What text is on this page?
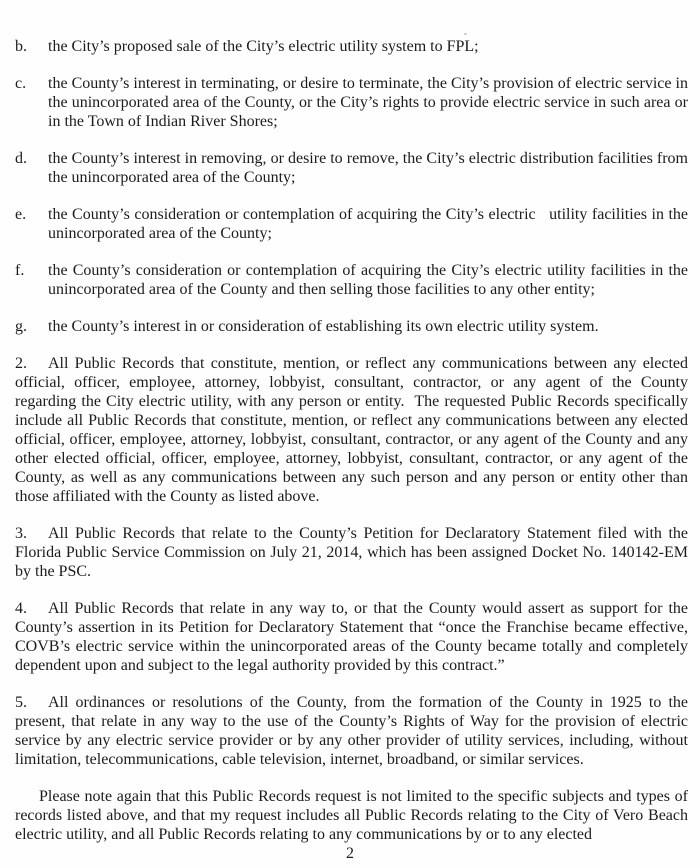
b.	the City’s proposed sale of the City’s electric utility system to FPL;
c.	the County’s interest in terminating, or desire to terminate, the City’s provision of electric service in the unincorporated area of the County, or the City’s rights to provide electric service in such area or in the Town of Indian River Shores;
d.	the County’s interest in removing, or desire to remove, the City’s electric distribution facilities from the unincorporated area of the County;
e.	the County’s consideration or contemplation of acquiring the City’s electric   utility facilities in the unincorporated area of the County;
f.	the County’s consideration or contemplation of acquiring the City’s electric utility facilities in the unincorporated area of the County and then selling those facilities to any other entity;
g.	the County’s interest in or consideration of establishing its own electric utility system.

2. All Public Records that constitute, mention, or reflect any communications between any elected official, officer, employee, attorney, lobbyist, consultant, contractor, or any agent of the County regarding the City electric utility, with any person or entity.  The requested Public Records specifically include all Public Records that constitute, mention, or reflect any communications between any elected official, officer, employee, attorney, lobbyist, consultant, contractor, or any agent of the County and any other elected official, officer, employee, attorney, lobbyist, consultant, contractor, or any agent of the County, as well as any communications between any such person and any person or entity other than those affiliated with the County as listed above.

3. All Public Records that relate to the County’s Petition for Declaratory Statement filed with the Florida Public Service Commission on July 21, 2014, which has been assigned Docket No. 140142-EM by the PSC.

4. All Public Records that relate in any way to, or that the County would assert as support for the County’s assertion in its Petition for Declaratory Statement that “once the Franchise became effective, COVB’s electric service within the unincorporated areas of the County became totally and completely dependent upon and subject to the legal authority provided by this contract.”

5. All ordinances or resolutions of the County, from the formation of the County in 1925 to the present, that relate in any way to the use of the County’s Rights of Way for the provision of electric service by any electric service provider or by any other provider of utility services, including, without limitation, telecommunications, cable television, internet, broadband, or similar services.

Please note again that this Public Records request is not limited to the specific subjects and types of records listed above, and that my request includes all Public Records relating to the City of Vero Beach electric utility, and all Public Records relating to any communications by or to any elected

2
